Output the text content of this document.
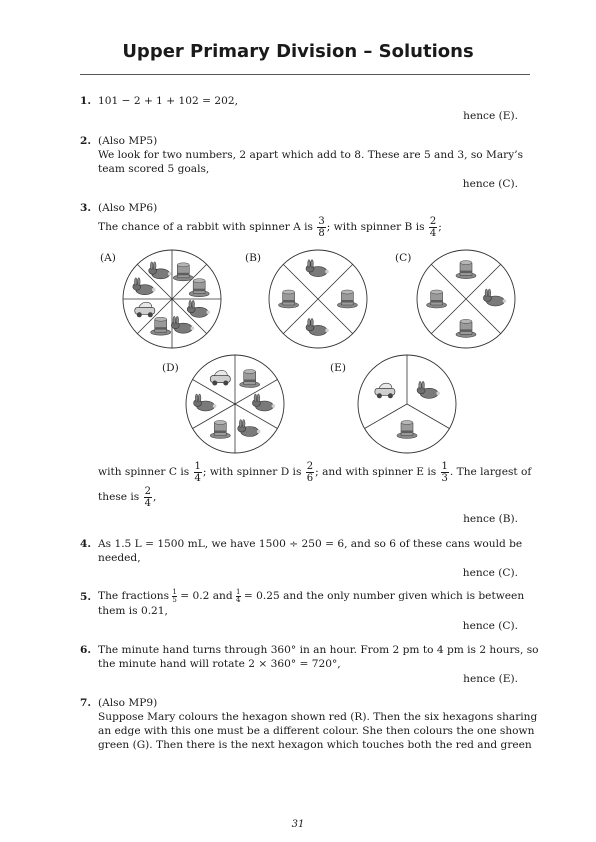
Upper Primary Division – Solutions
1. 101 − 2 + 1 + 102 = 202,
hence (E).
2. (Also MP5)
We look for two numbers, 2 apart which add to 8. These are 5 and 3, so Mary’s
team scored 5 goals,
hence (C).
3. (Also MP6)
The chance of a rabbit with spinner A is $\frac{3}{8}$ ; with spinner B is $\frac{2}{4}$ ;
(A)	(B)	(C)
(D)	(E)
with spinner C is $\frac{1}{4}$ ; with spinner D is $\frac{2}{6}$ ; and with spinner E is $\frac{1}{3}$ . The largest of
these is $\frac{2}{4}$ ,
hence (B).
4. As 1.5 L = 1500 mL, we have 1500 ÷ 250 = 6, and so 6 of these cans would be
needed,
hence (C).
5. The fractions $\frac{1}{5} = 0.2$ and $\frac{1}{4} = 0.25$ and the only number given which is between
them is 0.21,
hence (C).
6. The minute hand turns through 360° in an hour. From 2 pm to 4 pm is 2 hours, so
the minute hand will rotate 2 × 360° = 720°,
hence (E).
7. (Also MP9)
Suppose Mary colours the hexagon shown red (R). Then the six hexagons sharing
an edge with this one must be a different colour. She then colours the one shown
green (G). Then there is the next hexagon which touches both the red and green
31
